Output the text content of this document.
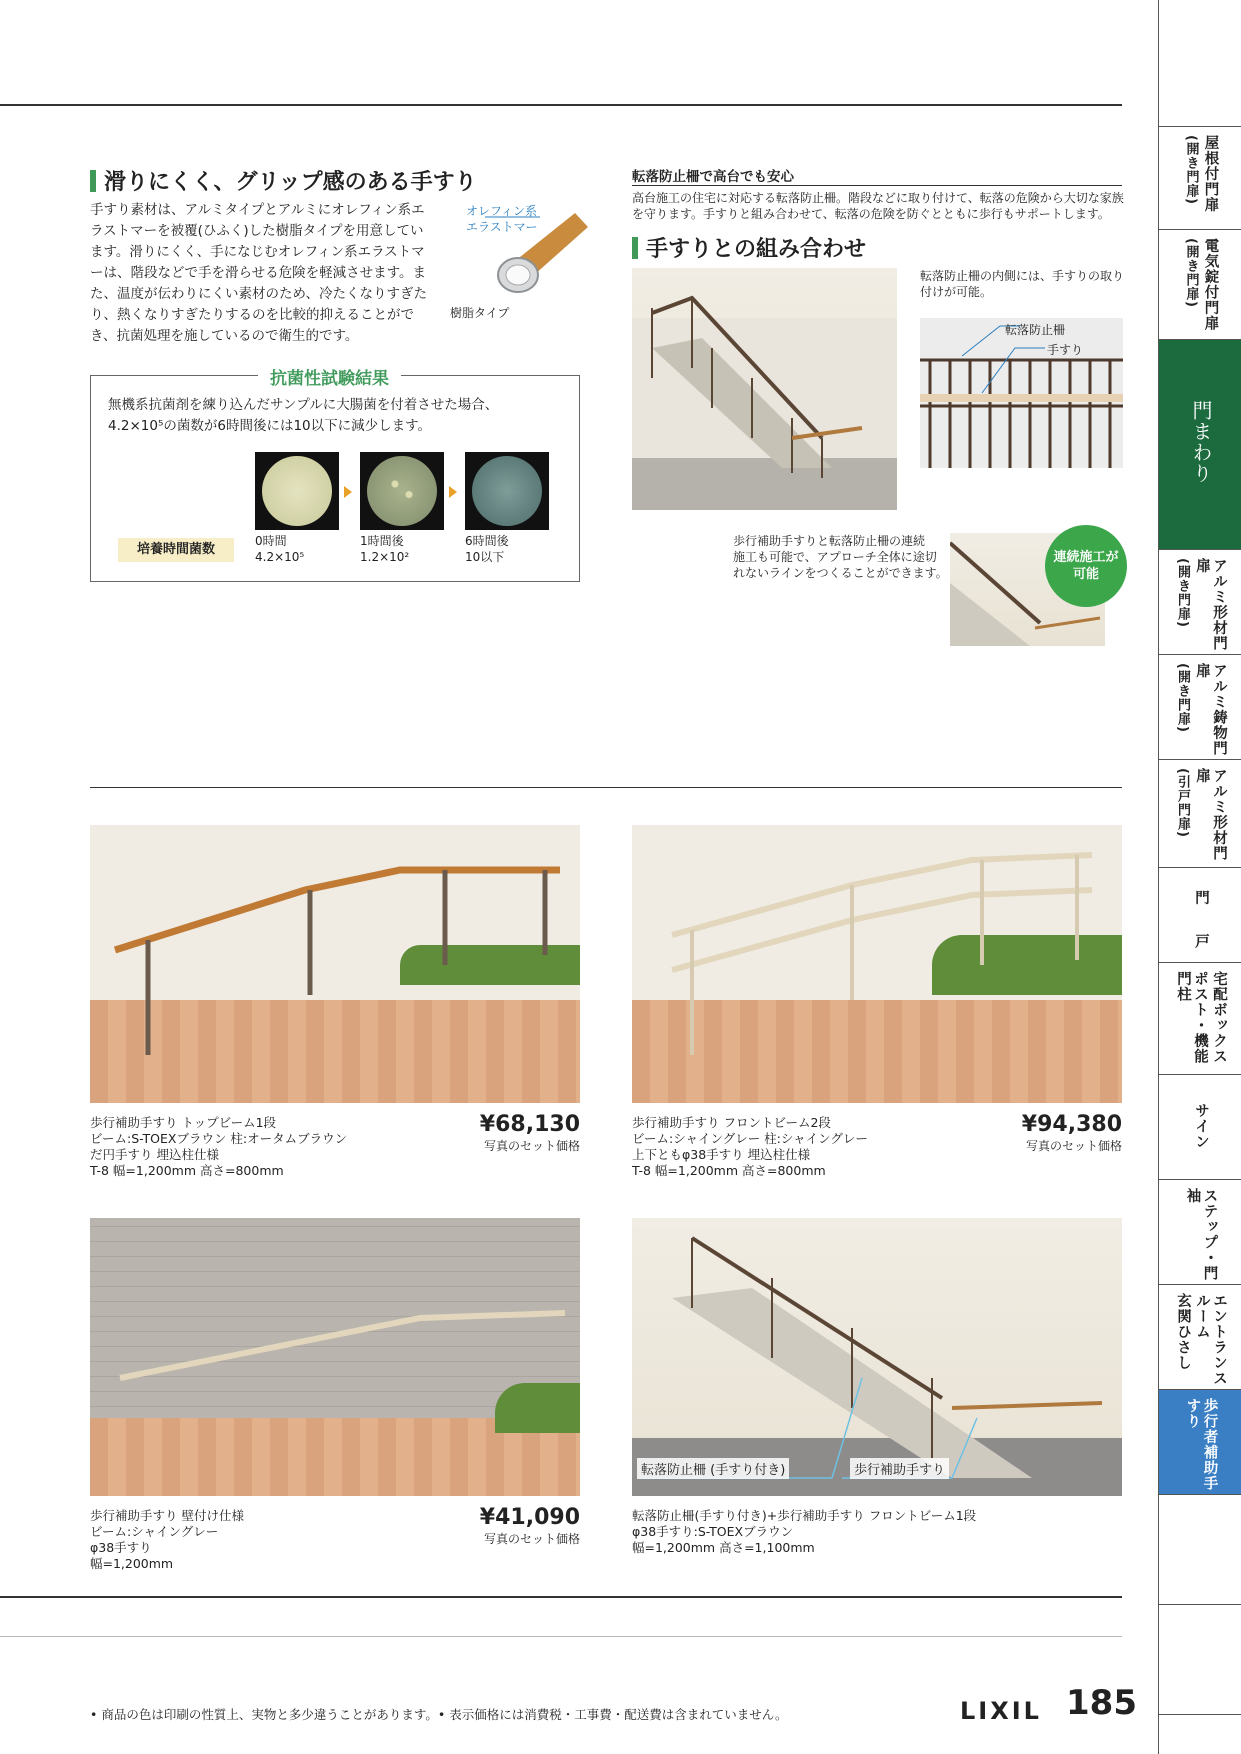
滑りにくく、グリップ感のある手すり
手すり素材は、アルミタイプとアルミにオレフィン系エラストマーを被覆(ひふく)した樹脂タイプを用意しています。滑りにくく、手になじむオレフィン系エラストマーは、階段などで手を滑らせる危険を軽減させます。また、温度が伝わりにくい素材のため、冷たくなりすぎたり、熱くなりすぎたりするのを比較的抑えることができ、抗菌処理を施しているので衛生的です。
オレフィン系
エラストマー
樹脂タイプ
抗菌性試験結果
無機系抗菌剤を練り込んだサンプルに大腸菌を付着させた場合、
4.2×10⁵の菌数が6時間後には10以下に減少します。
培養時間菌数
0時間
4.2×10⁵
1時間後
1.2×10²
6時間後
10以下
転落防止柵で高台でも安心
高台施工の住宅に対応する転落防止柵。階段などに取り付けて、転落の危険から大切な家族
を守ります。手すりと組み合わせて、転落の危険を防ぐとともに歩行もサポートします。
手すりとの組み合わせ
転落防止柵の内側には、手すりの取り
付けが可能。
転落防止柵
手すり
歩行補助手すりと転落防止柵の連続
施工も可能で、アプローチ全体に途切
れないラインをつくることができます。
連続施工が
可能
歩行補助手すり トップビーム1段
ビーム:S-TOEXブラウン 柱:オータムブラウン
だ円手すり 埋込柱仕様
T-8 幅=1,200mm 高さ=800mm
¥68,130
写真のセット価格
歩行補助手すり フロントビーム2段
ビーム:シャイングレー 柱:シャイングレー
上下ともφ38手すり 埋込柱仕様
T-8 幅=1,200mm 高さ=800mm
¥94,380
写真のセット価格
歩行補助手すり 壁付け仕様
ビーム:シャイングレー
φ38手すり
幅=1,200mm
¥41,090
写真のセット価格
転落防止柵 (手すり付き)	歩行補助手すり
転落防止柵(手すり付き)+歩行補助手すり フロントビーム1段
φ38手すり:S-TOEXブラウン
幅=1,200mm 高さ=1,100mm
• 商品の色は印刷の性質上、実物と多少違うことがあります。• 表示価格には消費税・工事費・配送費は含まれていません。	LIXIL 185
屋根付門扉
(開き門扉)
電気錠付門扉
(開き門扉)
門まわり
アルミ形材門扉
(開き門扉)
アルミ鋳物門扉
(開き門扉)
アルミ形材門扉
(引戸門扉)
門 戸
宅配ボックス
ポスト・機能門柱
サイン
ステップ・門袖
エントランスルーム
玄関ひさし
歩行者補助手すり
